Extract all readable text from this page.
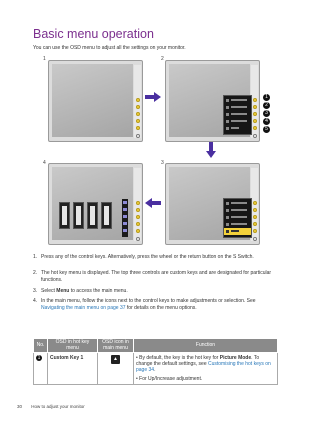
Basic menu operation
You can use the OSD menu to adjust all the settings on your monitor.
1	2
4	3
1
2
3
4
5
1. Press any of the control keys. Alternatively, press the wheel or the return button on the S Switch.
2. The hot key menu is displayed. The top three controls are custom keys and are designated for particular functions.
3. Select Menu to access the main menu.
4. In the main menu, follow the icons next to the control keys to make adjustments or selection. See Navigating the main menu on page 37 for details on the menu options.
No.	OSD in hot key menu	OSD icon in main menu	Function
1	Custom Key 1	▲	• By default, the key is the hot key for Picture Mode. To change the default settings, see Customising the hot keys on page 34.
• For Up/Increase adjustment.
30 How to adjust your monitor
